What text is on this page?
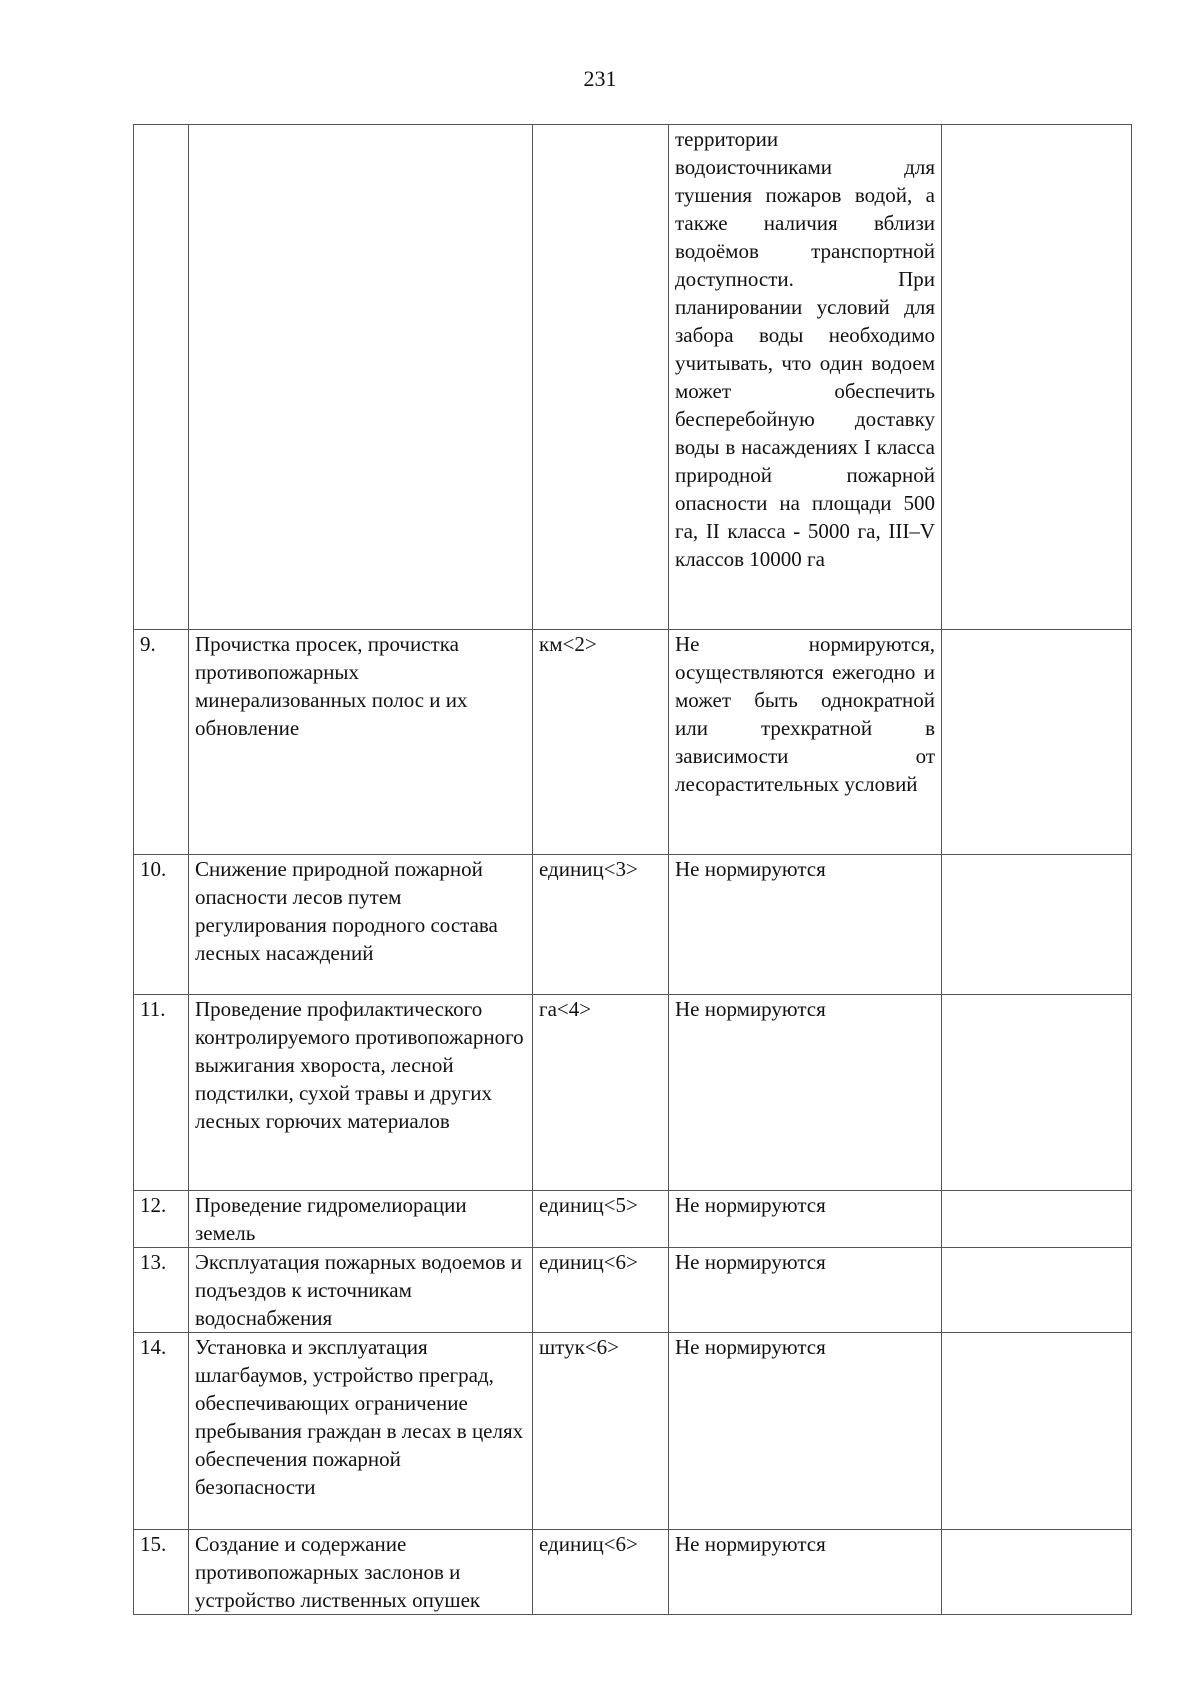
231
			территории водоисточниками для тушения пожаров водой, а также наличия вблизи водоёмов транспортной доступности. При планировании условий для забора воды необходимо учитывать, что один водоем может обеспечить бесперебойную доставку воды в насаждениях I класса природной пожарной опасности на площади 500 га, II класса - 5000 га, III–V классов 10000 га	
9.	Прочистка просек, прочистка противопожарных минерализованных полос и их обновление	км<2>	Не нормируются, осуществляются ежегодно и может быть однократной или трехкратной в зависимости от лесорастительных условий	
10.	Снижение природной пожарной опасности лесов путем регулирования породного состава лесных насаждений	единиц<3>	Не нормируются	
11.	Проведение профилактического контролируемого противопожарного выжигания хвороста, лесной подстилки, сухой травы и других лесных горючих материалов	га<4>	Не нормируются	
12.	Проведение гидромелиорации земель	единиц<5>	Не нормируются	
13.	Эксплуатация пожарных водоемов и подъездов к источникам водоснабжения	единиц<6>	Не нормируются	
14.	Установка и эксплуатация шлагбаумов, устройство преград, обеспечивающих ограничение пребывания граждан в лесах в целях обеспечения пожарной безопасности	штук<6>	Не нормируются	
15.	Создание и содержание противопожарных заслонов и устройство лиственных опушек	единиц<6>	Не нормируются	
